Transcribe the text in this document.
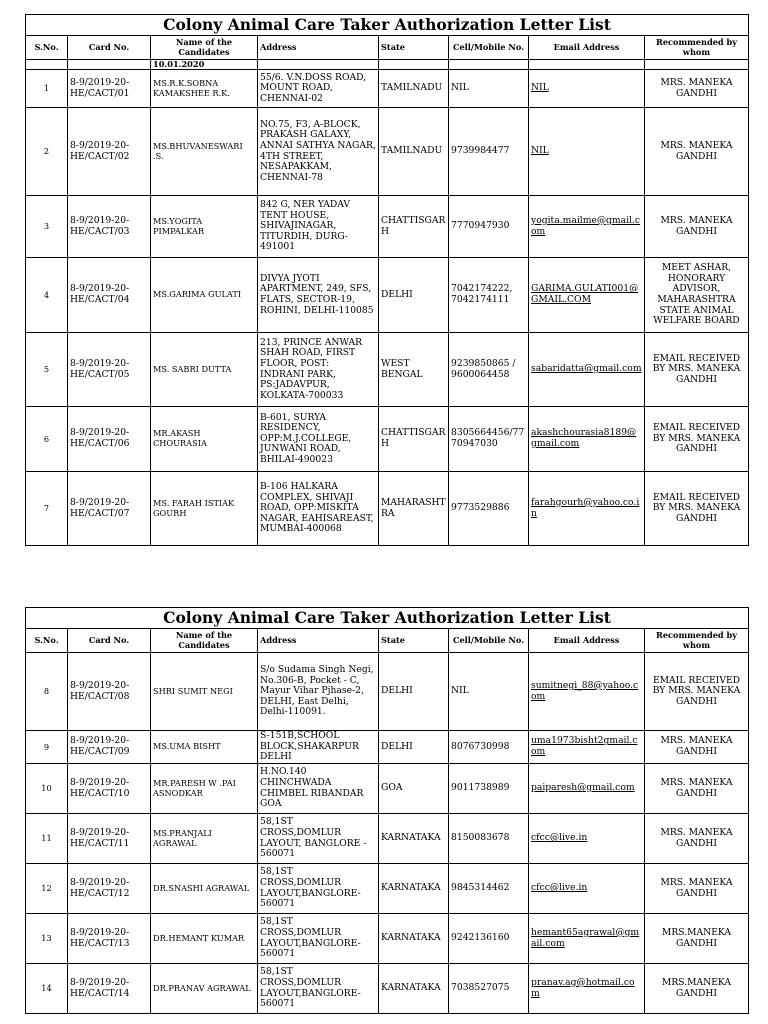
Colony Animal Care Taker Authorization Letter List							
S.No.	Card No.	Name of the Candidates	Address	State	Cell/Mobile No.	Email Address	Recommended by whom
		10.01.2020					
1	8-9/2019-20-HE/CACT/01	MS.R.K.SOBNA KAMAKSHEE R.K.	55/6. V.N.DOSS ROAD, MOUNT ROAD, CHENNAI-02	TAMILNADU	NIL	NIL	MRS. MANEKA GANDHI
2	8-9/2019-20-HE/CACT/02	MS.BHUVANESWARI .S.	NO.75, F3, A-BLOCK, PRAKASH GALAXY, ANNAI SATHYA NAGAR, 4TH STREET, NESAPAKKAM, CHENNAI-78	TAMILNADU	9739984477	NIL	MRS. MANEKA GANDHI
3	8-9/2019-20-HE/CACT/03	MS.YOGITA PIMPALKAR	842 G, NER YADAV TENT HOUSE, SHIVAJINAGAR, TITURDIH, DURG-491001	CHATTISGARH	7770947930	yogita.mailme@gmail.com	MRS. MANEKA GANDHI
4	8-9/2019-20-HE/CACT/04	MS.GARIMA GULATI	DIVYA JYOTI APARTMENT, 249, SFS, FLATS, SECTOR-19, ROHINI, DELHI-110085	DELHI	7042174222, 7042174111	GARIMA.GULATI001@GMAIL.COM	MEET ASHAR, HONORARY ADVISOR, MAHARASHTRA STATE ANIMAL WELFARE BOARD
5	8-9/2019-20-HE/CACT/05	MS. SABRI DUTTA	213, PRINCE ANWAR SHAH ROAD, FIRST FLOOR, POST: INDRANI PARK, PS:JADAVPUR, KOLKATA-700033	WEST BENGAL	9239850865 / 9600064458	sabaridatta@gmail.com	EMAIL RECEIVED BY MRS. MANEKA GANDHI
6	8-9/2019-20-HE/CACT/06	MR.AKASH CHOURASIA	B-601, SURYA RESIDENCY, OPP:M.J.COLLEGE, JUNWANI ROAD, BHILAI-490023	CHATTISGARH	8305664456/7770947030	akashchourasia8189@gmail.com	EMAIL RECEIVED BY MRS. MANEKA GANDHI
7	8-9/2019-20-HE/CACT/07	MS. FARAH ISTIAK GOURH	B-106 HALKARA COMPLEX, SHIVAJI ROAD, OPP:MISKITA NAGAR, EAHISAREAST, MUMBAI-400068	MAHARASHTRA	9773529886	farahgourh@yahoo.co.in	EMAIL RECEIVED BY MRS. MANEKA GANDHI
Colony Animal Care Taker Authorization Letter List							
S.No.	Card No.	Name of the Candidates	Address	State	Cell/Mobile No.	Email Address	Recommended by whom
8	8-9/2019-20-HE/CACT/08	SHRI SUMIT NEGI	S/o Sudama Singh Negi, No.306-B, Pocket - C, Mayur Vihar Pjhase-2, DELHI, East Delhi, Delhi-110091.	DELHI	NIL	sumitnegi_88@yahoo.com	EMAIL RECEIVED BY MRS. MANEKA GANDHI
9	8-9/2019-20-HE/CACT/09	MS.UMA BISHT	S-151B,SCHOOL BLOCK,SHAKARPUR DELHI	DELHI	8076730998	uma1973bisht2gmail.com	MRS. MANEKA GANDHI
10	8-9/2019-20-HE/CACT/10	MR.PARESH W .PAI ASNODKAR	H.NO.140 CHINCHWADA CHIMBEL RIBANDAR GOA	GOA	9011738989	paiparesh@gmail.com	MRS. MANEKA GANDHI
11	8-9/2019-20-HE/CACT/11	MS.PRANJALI AGRAWAL	58,1ST CROSS,DOMLUR LAYOUT, BANGLORE - 560071	KARNATAKA	8150083678	cfcc@live.in	MRS. MANEKA GANDHI
12	8-9/2019-20-HE/CACT/12	DR.SNASHI AGRAWAL	58,1ST CROSS,DOMLUR LAYOUT,BANGLORE-560071	KARNATAKA	9845314462	cfcc@live.in	MRS. MANEKA GANDHI
13	8-9/2019-20-HE/CACT/13	DR.HEMANT KUMAR	58,1ST CROSS,DOMLUR LAYOUT,BANGLORE-560071	KARNATAKA	9242136160	hemant65agrawal@gmail.com	MRS.MANEKA GANDHI
14	8-9/2019-20-HE/CACT/14	DR.PRANAV AGRAWAL	58,1ST CROSS,DOMLUR LAYOUT,BANGLORE-560071	KARNATAKA	7038527075	pranav.ag@hotmail.com	MRS.MANEKA GANDHI
